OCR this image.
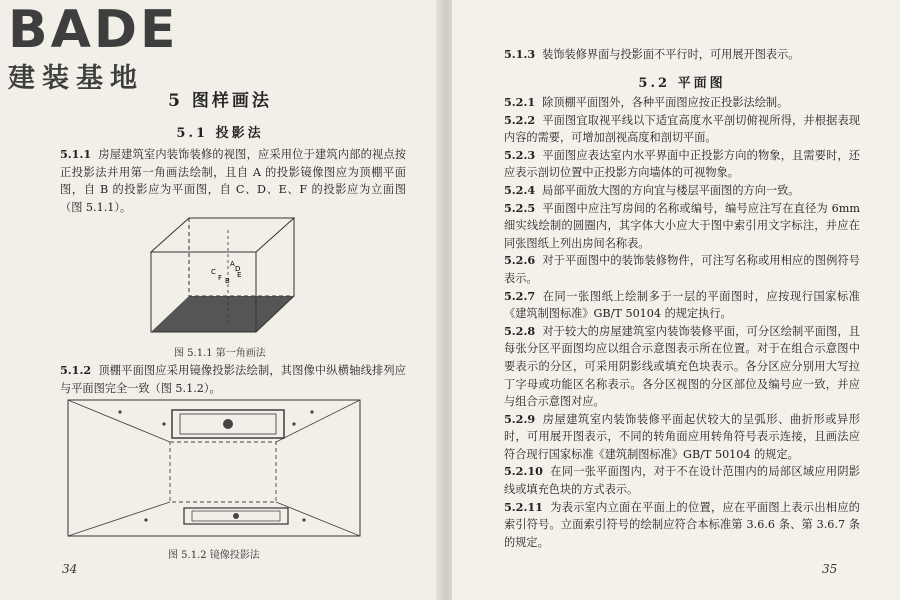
BADE
建装基地
5 图样画法
5.1 投影法

5.1.1 房屋建筑室内装饰装修的视图，应采用位于建筑内部的视点按正投影法并用第一角画法绘制，且自 A 的投影镜像图应为顶棚平面图，自 B 的投影应为平面图，自 C、D、E、F 的投影应为立面图（图 5.1.1）。

A
D
C	E
F B
图 5.1.1 第一角画法

5.1.2 顶棚平面图应采用镜像投影法绘制，其图像中纵横轴线排列应与平面图完全一致（图 5.1.2）。

图 5.1.2 镜像投影法
34

5.1.3 装饰装修界面与投影面不平行时，可用展开图表示。

5.2 平面图

5.2.1 除顶棚平面图外，各种平面图应按正投影法绘制。

5.2.2 平面图宜取视平线以下适宜高度水平剖切俯视所得，并根据表现内容的需要，可增加剖视高度和剖切平面。

5.2.3 平面图应表达室内水平界面中正投影方向的物象，且需要时，还应表示剖切位置中正投影方向墙体的可视物象。

5.2.4 局部平面放大图的方向宜与楼层平面图的方向一致。

5.2.5 平面图中应注写房间的名称或编号，编号应注写在直径为 6mm 细实线绘制的圆圈内，其字体大小应大于图中索引用文字标注，并应在同张图纸上列出房间名称表。

5.2.6 对于平面图中的装饰装修物件，可注写名称或用相应的图例符号表示。

5.2.7 在同一张图纸上绘制多于一层的平面图时，应按现行国家标准《建筑制图标准》GB/T 50104 的规定执行。

5.2.8 对于较大的房屋建筑室内装饰装修平面，可分区绘制平面图，且每张分区平面图均应以组合示意图表示所在位置。对于在组合示意图中要表示的分区，可采用阴影线或填充色块表示。各分区应分别用大写拉丁字母或功能区名称表示。各分区视图的分区部位及编号应一致，并应与组合示意图对应。

5.2.9 房屋建筑室内装饰装修平面起伏较大的呈弧形、曲折形或异形时，可用展开图表示，不同的转角面应用转角符号表示连接，且画法应符合现行国家标准《建筑制图标准》GB/T 50104 的规定。

5.2.10 在同一张平面图内，对于不在设计范围内的局部区域应用阴影线或填充色块的方式表示。

5.2.11 为表示室内立面在平面上的位置，应在平面图上表示出相应的索引符号。立面索引符号的绘制应符合本标准第 3.6.6 条、第 3.6.7 条的规定。

35
